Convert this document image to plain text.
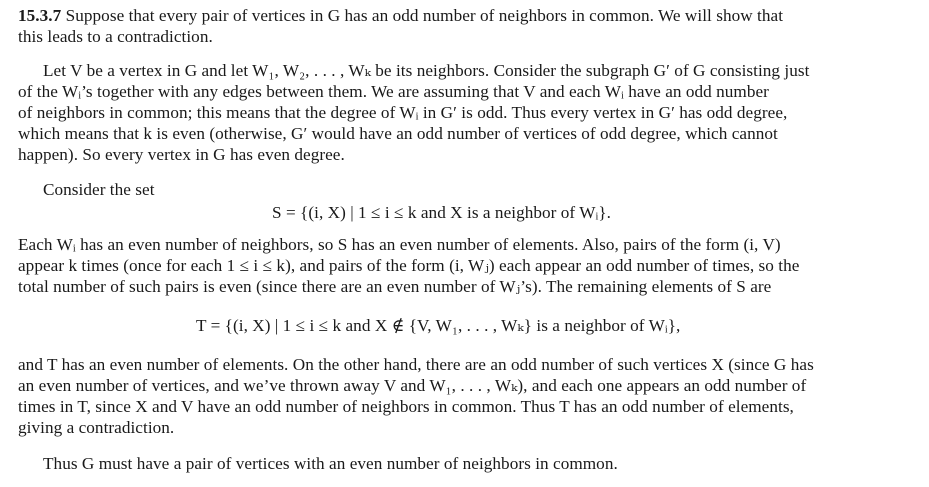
15.3.7 Suppose that every pair of vertices in G has an odd number of neighbors in common. We will show that
this leads to a contradiction.
Let V be a vertex in G and let W₁, W₂, . . . , Wₖ be its neighbors. Consider the subgraph G′ of G consisting just
of the Wᵢ’s together with any edges between them. We are assuming that V and each Wᵢ have an odd number
of neighbors in common; this means that the degree of Wᵢ in G′ is odd. Thus every vertex in G′ has odd degree,
which means that k is even (otherwise, G′ would have an odd number of vertices of odd degree, which cannot
happen). So every vertex in G has even degree.
Consider the set
S = {(i, X) | 1 ≤ i ≤ k and X is a neighbor of Wᵢ}.
Each Wᵢ has an even number of neighbors, so S has an even number of elements. Also, pairs of the form (i, V)
appear k times (once for each 1 ≤ i ≤ k), and pairs of the form (i, Wⱼ) each appear an odd number of times, so the
total number of such pairs is even (since there are an even number of Wⱼ’s). The remaining elements of S are
T = {(i, X) | 1 ≤ i ≤ k and X ∉ {V, W₁, . . . , Wₖ} is a neighbor of Wᵢ},
and T has an even number of elements. On the other hand, there are an odd number of such vertices X (since G has
an even number of vertices, and we’ve thrown away V and W₁, . . . , Wₖ), and each one appears an odd number of
times in T, since X and V have an odd number of neighbors in common. Thus T has an odd number of elements,
giving a contradiction.
Thus G must have a pair of vertices with an even number of neighbors in common.
